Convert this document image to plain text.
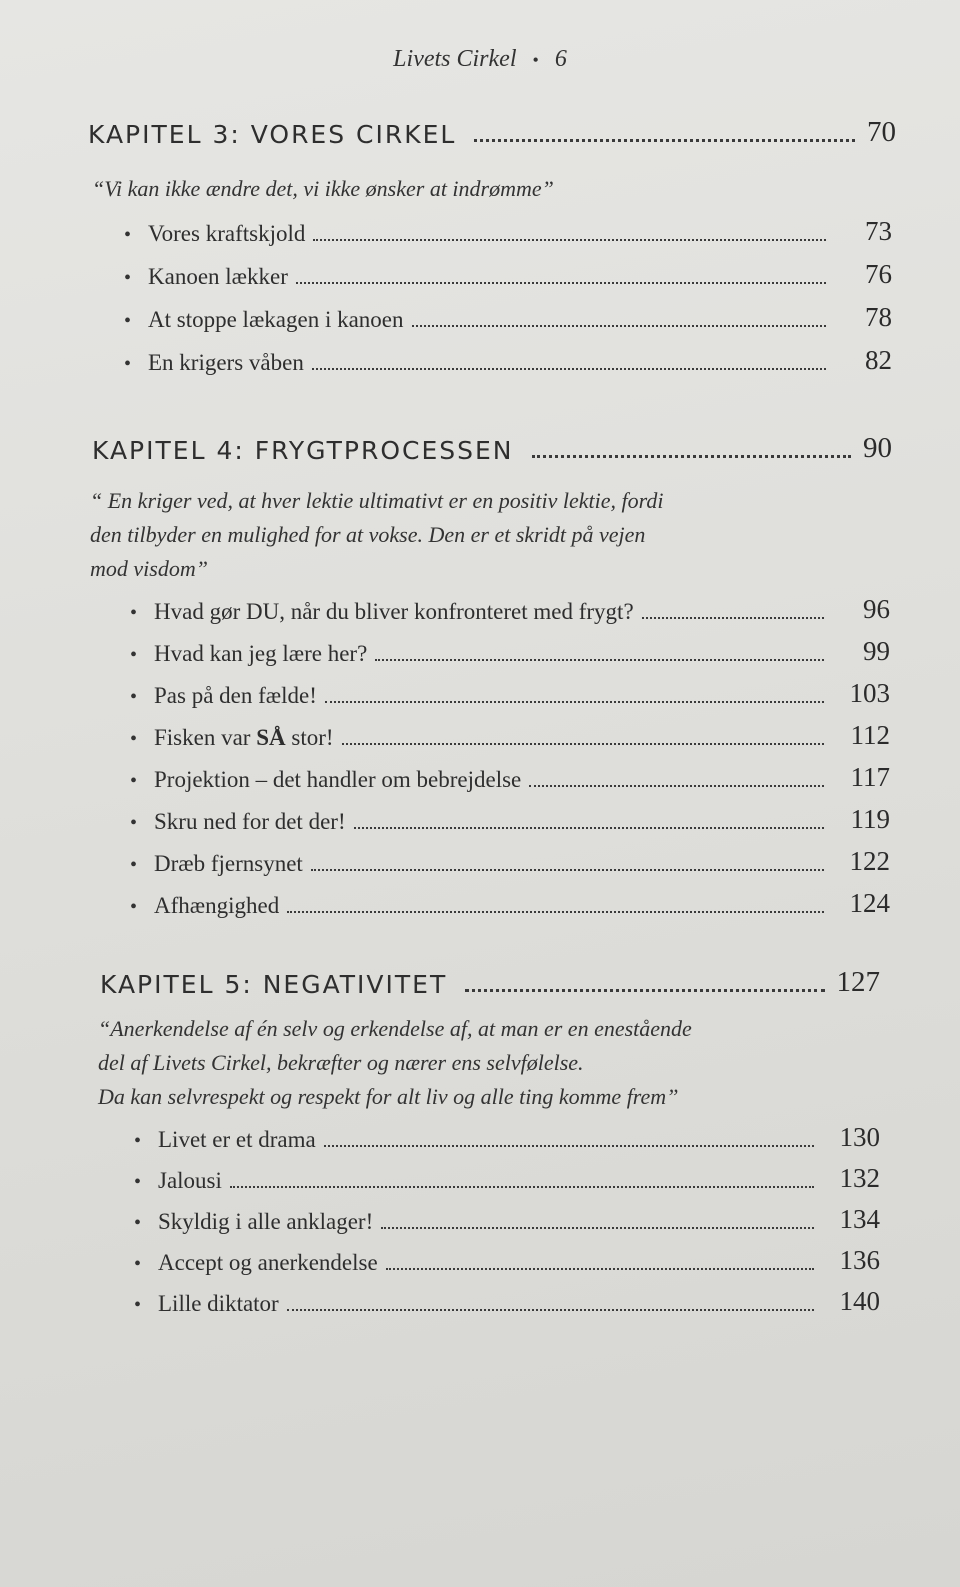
Livets Cirkel • 6
KAPITEL 3: VORES CIRKEL	70
“Vi kan ikke ændre det, vi ikke ønsker at indrømme”
• Vores kraftskjold	73
• Kanoen lækker	76
• At stoppe lækagen i kanoen	78
• En krigers våben	82
KAPITEL 4: FRYGTPROCESSEN	90
“ En kriger ved, at hver lektie ultimativt er en positiv lektie, fordi
den tilbyder en mulighed for at vokse. Den er et skridt på vejen
mod visdom”
• Hvad gør DU, når du bliver konfronteret med frygt?	96
• Hvad kan jeg lære her?	99
• Pas på den fælde!	103
• Fisken var SÅ stor!	112
• Projektion – det handler om bebrejdelse	117
• Skru ned for det der!	119
• Dræb fjernsynet	122
• Afhængighed	124
KAPITEL 5: NEGATIVITET	127
“Anerkendelse af én selv og erkendelse af, at man er en enestående
del af Livets Cirkel, bekræfter og nærer ens selvfølelse.
Da kan selvrespekt og respekt for alt liv og alle ting komme frem”
• Livet er et drama	130
• Jalousi	132
• Skyldig i alle anklager!	134
• Accept og anerkendelse	136
• Lille diktator	140
